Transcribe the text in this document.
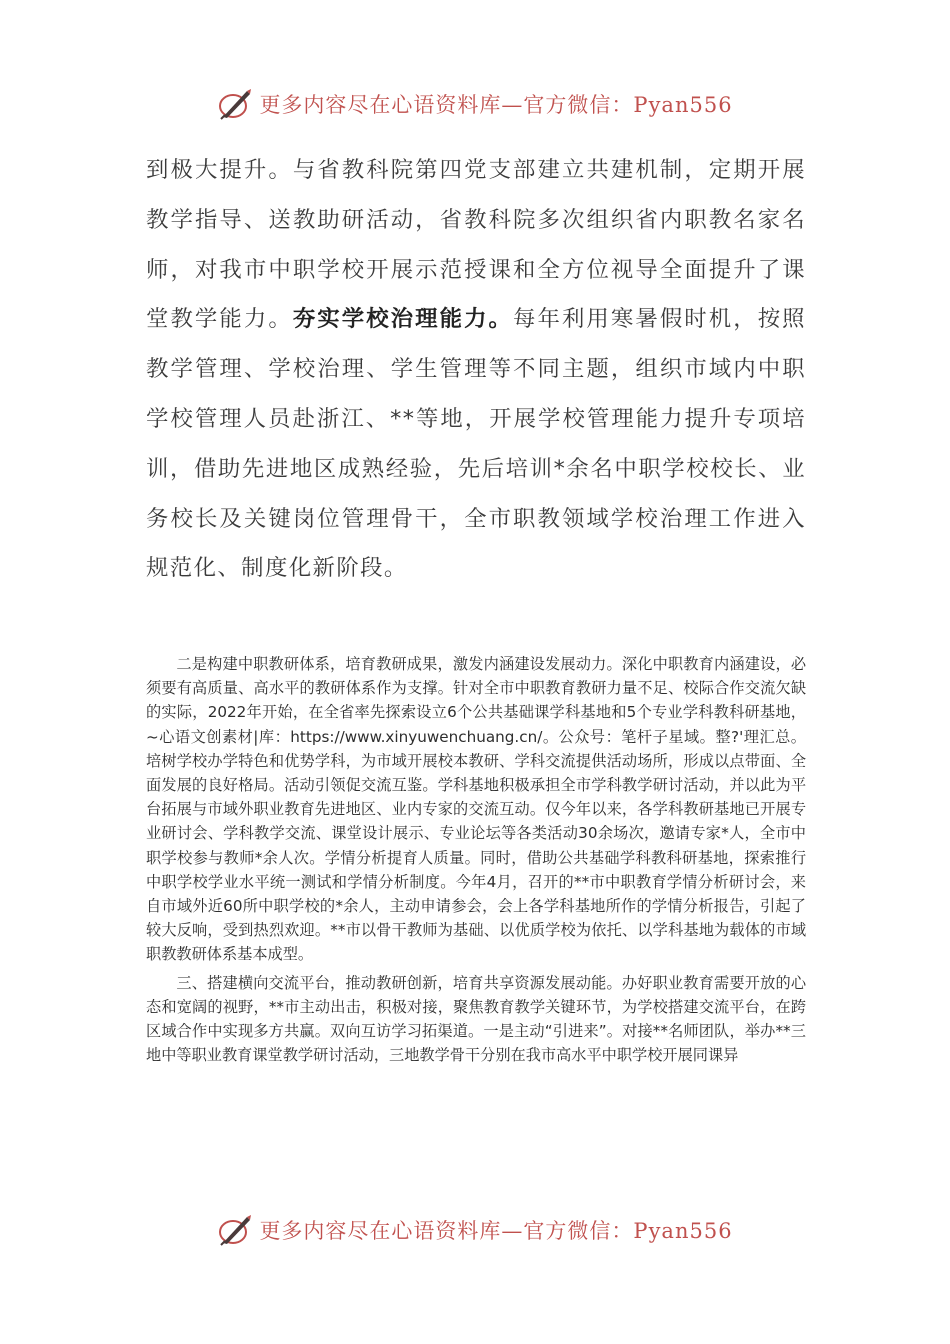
更多内容尽在心语资料库—官方微信：Pyan556
到极大提升。与省教科院第四党支部建立共建机制，定期开展教学指导、送教助研活动，省教科院多次组织省内职教名家名师，对我市中职学校开展示范授课和全方位视导全面提升了课堂教学能力。夯实学校治理能力。每年利用寒暑假时机，按照教学管理、学校治理、学生管理等不同主题，组织市域内中职学校管理人员赴浙江、**等地，开展学校管理能力提升专项培训，借助先进地区成熟经验，先后培训*余名中职学校校长、业务校长及关键岗位管理骨干，全市职教领域学校治理工作进入规范化、制度化新阶段。

二是构建中职教研体系，培育教研成果，激发内涵建设发展动力。深化中职教育内涵建设，必须要有高质量、高水平的教研体系作为支撑。针对全市中职教育教研力量不足、校际合作交流欠缺的实际，2022年开始，在全省率先探索设立6个公共基础课学科基地和5个专业学科教科研基地，~心语文创素材|库：https://www.xinyuwenchuang.cn/。公众号：笔杆子星域。整?'理汇总。培树学校办学特色和优势学科，为市域开展校本教研、学科交流提供活动场所，形成以点带面、全面发展的良好格局。活动引领促交流互鉴。学科基地积极承担全市学科教学研讨活动，并以此为平台拓展与市域外职业教育先进地区、业内专家的交流互动。仅今年以来，各学科教研基地已开展专业研讨会、学科教学交流、课堂设计展示、专业论坛等各类活动30余场次，邀请专家*人，全市中职学校参与教师*余人次。学情分析提育人质量。同时，借助公共基础学科教科研基地，探索推行中职学校学业水平统一测试和学情分析制度。今年4月，召开的**市中职教育学情分析研讨会，来自市域外近60所中职学校的*余人，主动申请参会，会上各学科基地所作的学情分析报告，引起了较大反响，受到热烈欢迎。**市以骨干教师为基础、以优质学校为依托、以学科基地为载体的市域职教教研体系基本成型。

三、搭建横向交流平台，推动教研创新，培育共享资源发展动能。办好职业教育需要开放的心态和宽阔的视野，**市主动出击，积极对接，聚焦教育教学关键环节，为学校搭建交流平台，在跨区域合作中实现多方共赢。双向互访学习拓渠道。一是主动“引进来”。对接**名师团队，举办**三地中等职业教育课堂教学研讨活动，三地教学骨干分别在我市高水平中职学校开展同课异

更多内容尽在心语资料库—官方微信：Pyan556
